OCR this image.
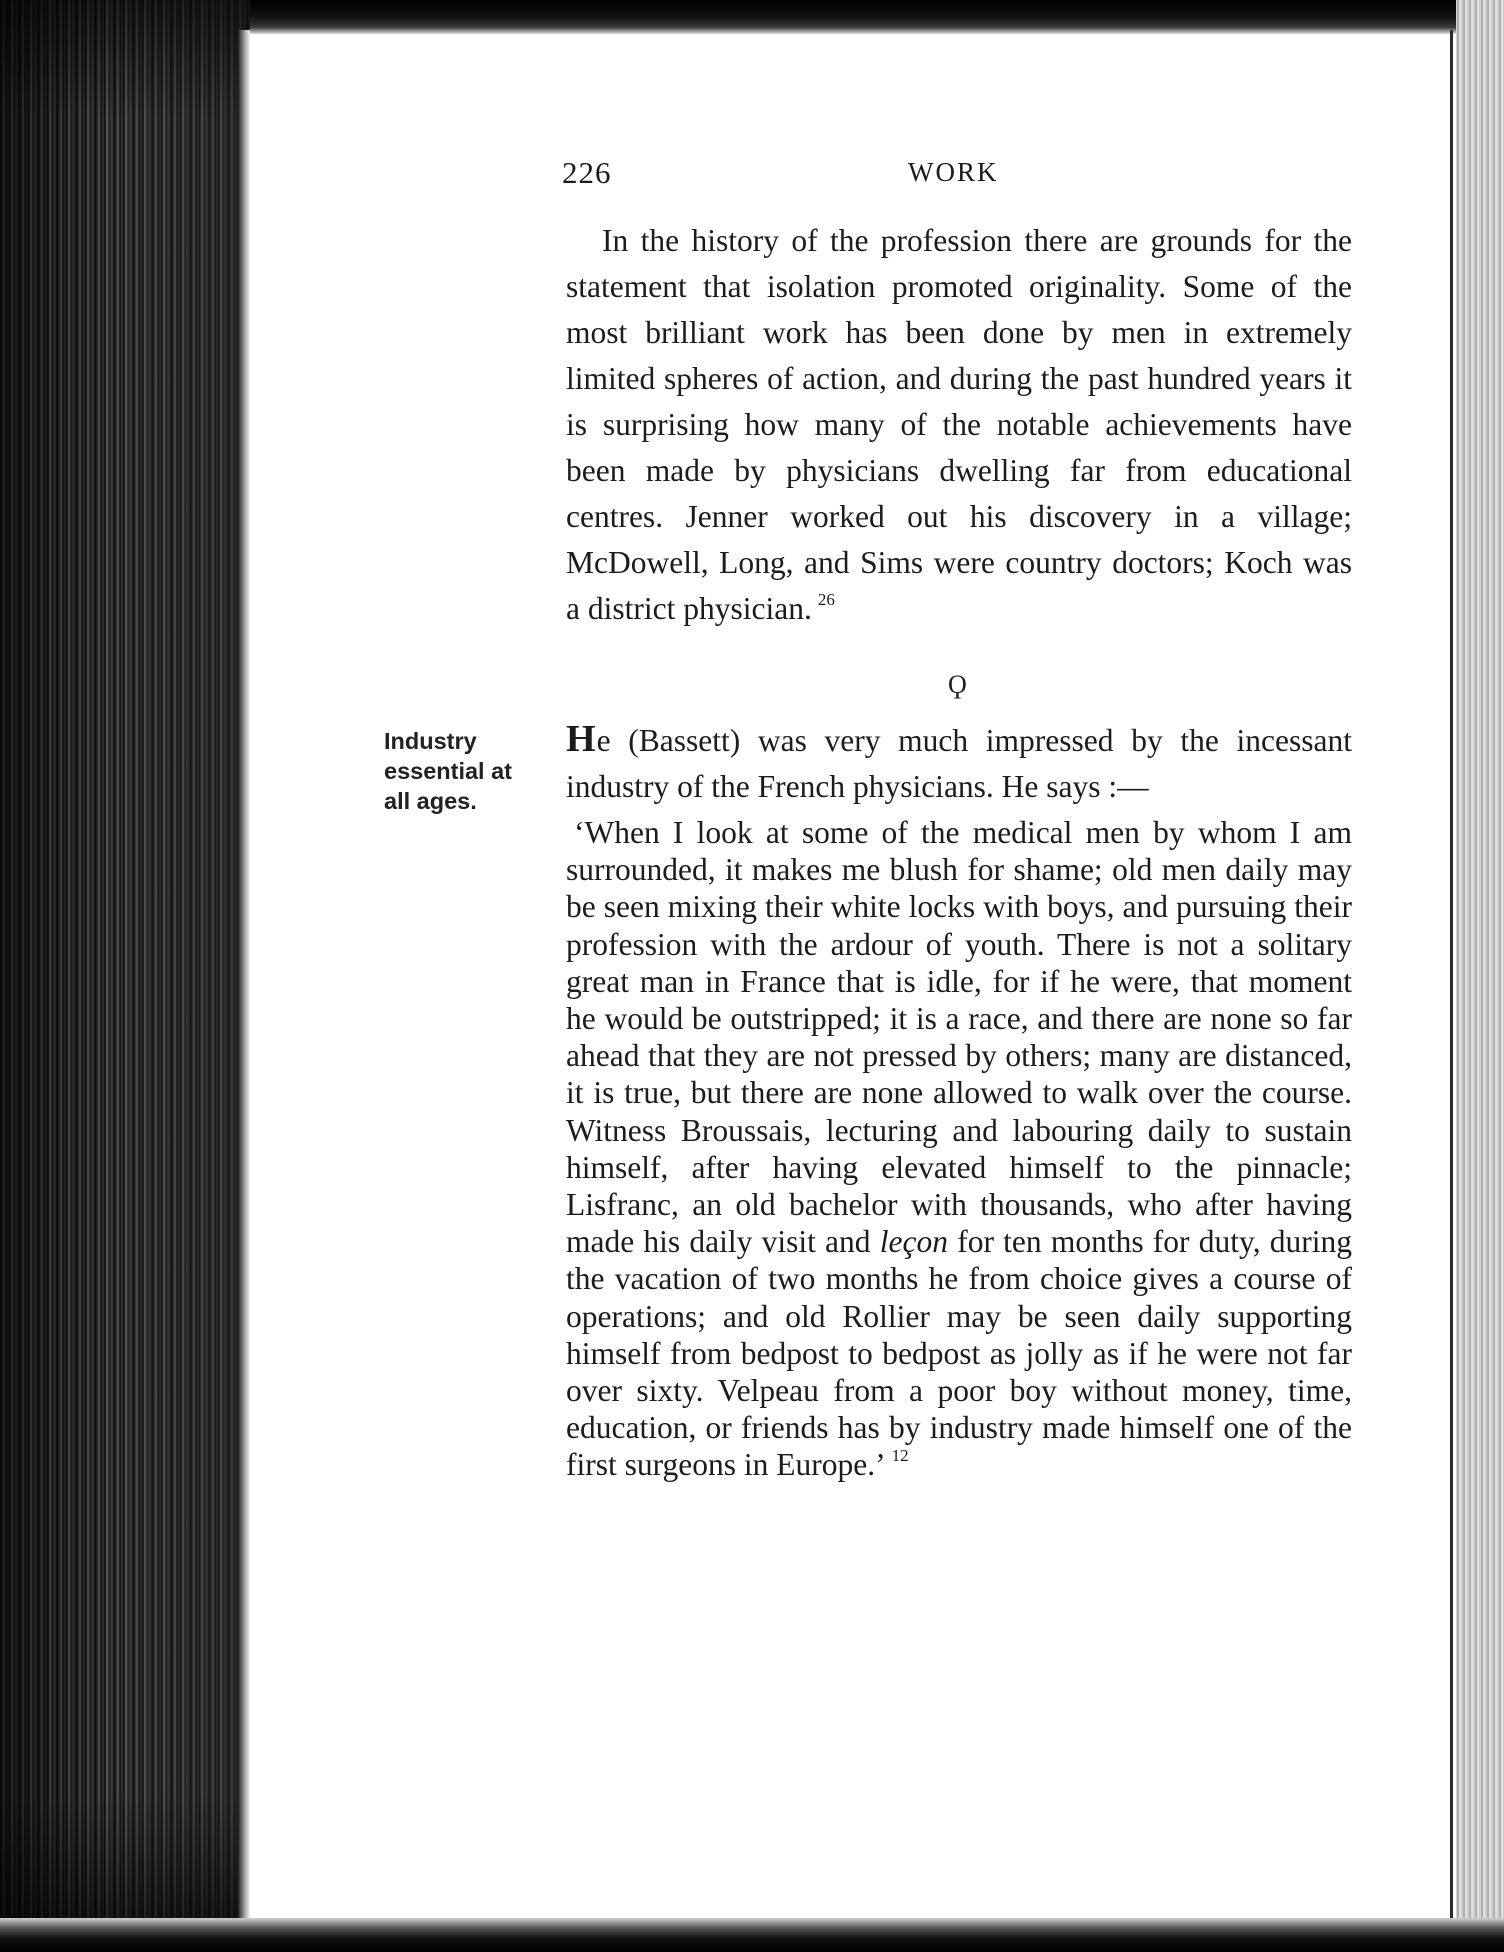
226	WORK
In the history of the profession there are grounds for the statement that isolation promoted originality. Some of the most brilliant work has been done by men in extremely limited spheres of action, and during the past hundred years it is surprising how many of the notable achievements have been made by physicians dwelling far from educational centres. Jenner worked out his discovery in a village; McDowell, Long, and Sims were country doctors; Koch was a district physician. $^{26}$
Ϙ
Industry
essential at
all ages.
He (Bassett) was very much impressed by the incessant industry of the French physicians. He says :—
‘When I look at some of the medical men by whom I am surrounded, it makes me blush for shame; old men daily may be seen mixing their white locks with boys, and pursuing their profession with the ardour of youth. There is not a solitary great man in France that is idle, for if he were, that moment he would be outstripped; it is a race, and there are none so far ahead that they are not pressed by others; many are distanced, it is true, but there are none allowed to walk over the course. Witness Broussais, lecturing and labouring daily to sustain himself, after having elevated himself to the pinnacle; Lisfranc, an old bachelor with thousands, who after having made his daily visit and leçon for ten months for duty, during the vacation of two months he from choice gives a course of operations; and old Rollier may be seen daily supporting himself from bedpost to bedpost as jolly as if he were not far over sixty. Velpeau from a poor boy without money, time, education, or friends has by industry made himself one of the first surgeons in Europe.’ $^{12}$
